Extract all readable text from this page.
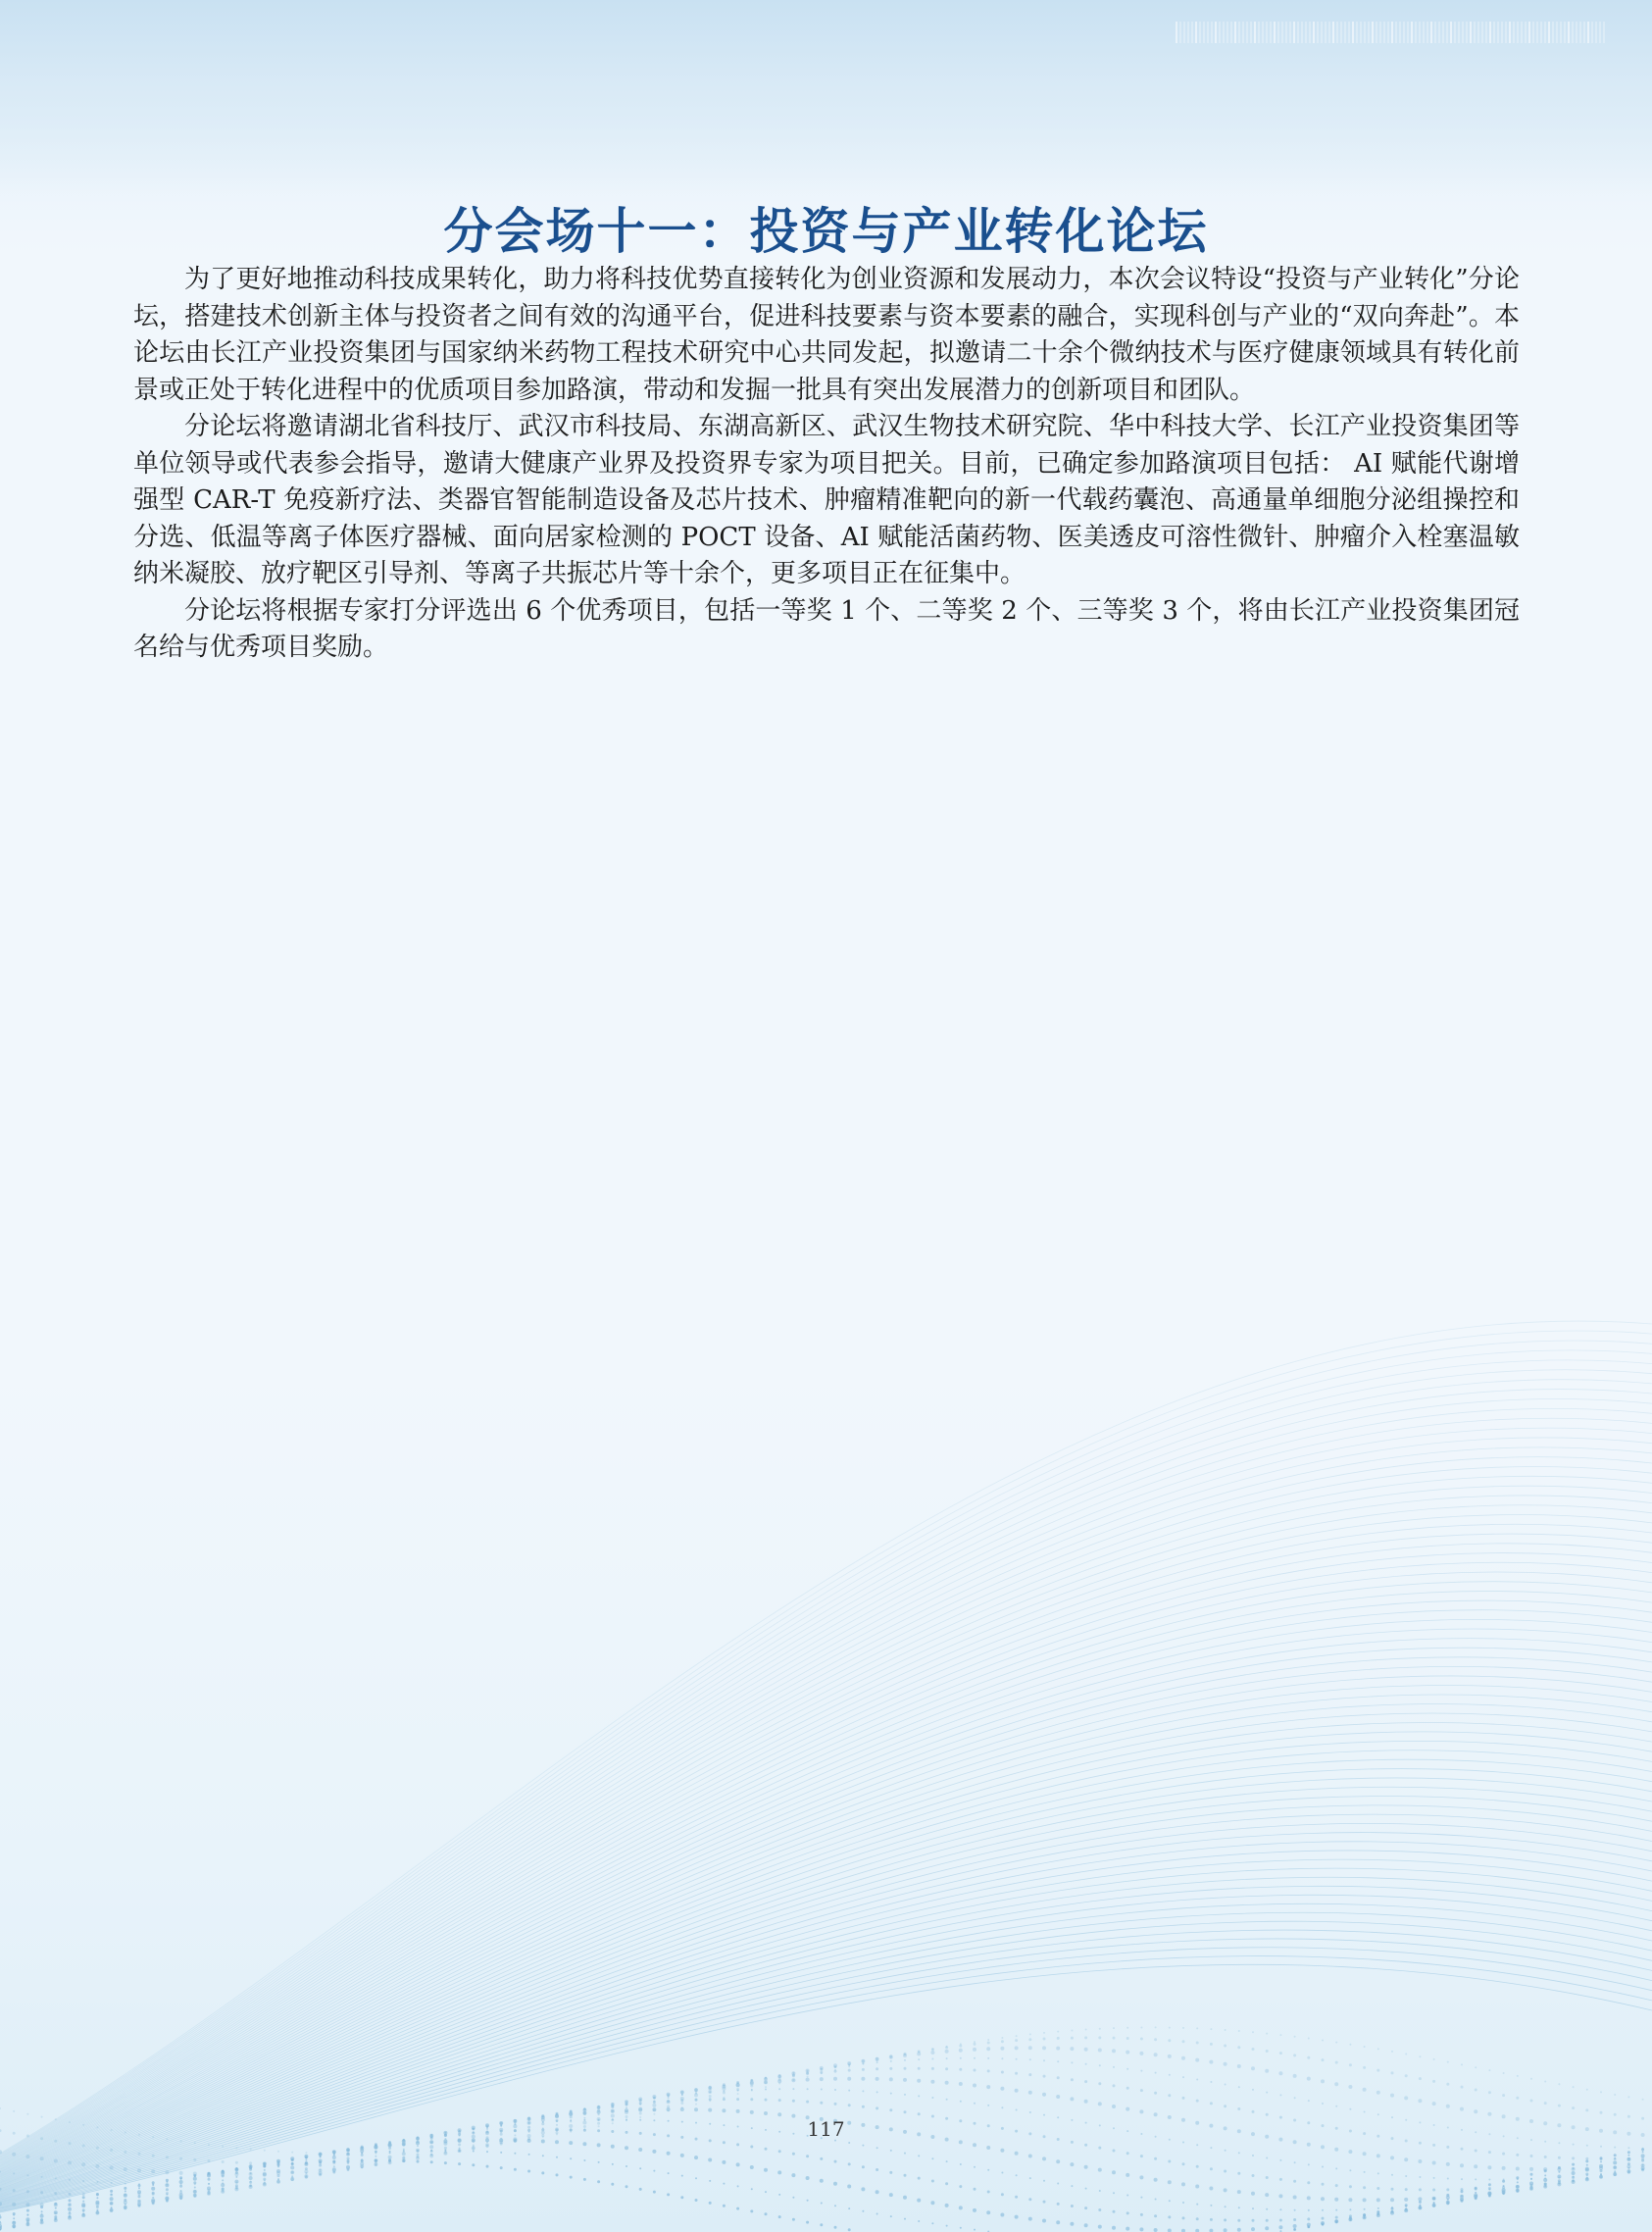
分会场十一：投资与产业转化论坛

为了更好地推动科技成果转化，助力将科技优势直接转化为创业资源和发展动力，本次会议特设“投资与产业转化”分论坛，搭建技术创新主体与投资者之间有效的沟通平台，促进科技要素与资本要素的融合，实现科创与产业的“双向奔赴”。本论坛由长江产业投资集团与国家纳米药物工程技术研究中心共同发起，拟邀请二十余个微纳技术与医疗健康领域具有转化前景或正处于转化进程中的优质项目参加路演，带动和发掘一批具有突出发展潜力的创新项目和团队。

分论坛将邀请湖北省科技厅、武汉市科技局、东湖高新区、武汉生物技术研究院、华中科技大学、长江产业投资集团等单位领导或代表参会指导，邀请大健康产业界及投资界专家为项目把关。目前，已确定参加路演项目包括： AI 赋能代谢增强型 CAR-T 免疫新疗法、类器官智能制造设备及芯片技术、肿瘤精准靶向的新一代载药囊泡、高通量单细胞分泌组操控和分选、低温等离子体医疗器械、面向居家检测的 POCT 设备、AI 赋能活菌药物、医美透皮可溶性微针、肿瘤介入栓塞温敏纳米凝胶、放疗靶区引导剂、等离子共振芯片等十余个，更多项目正在征集中。

分论坛将根据专家打分评选出 6 个优秀项目，包括一等奖 1 个、二等奖 2 个、三等奖 3 个，将由长江产业投资集团冠名给与优秀项目奖励。

117
